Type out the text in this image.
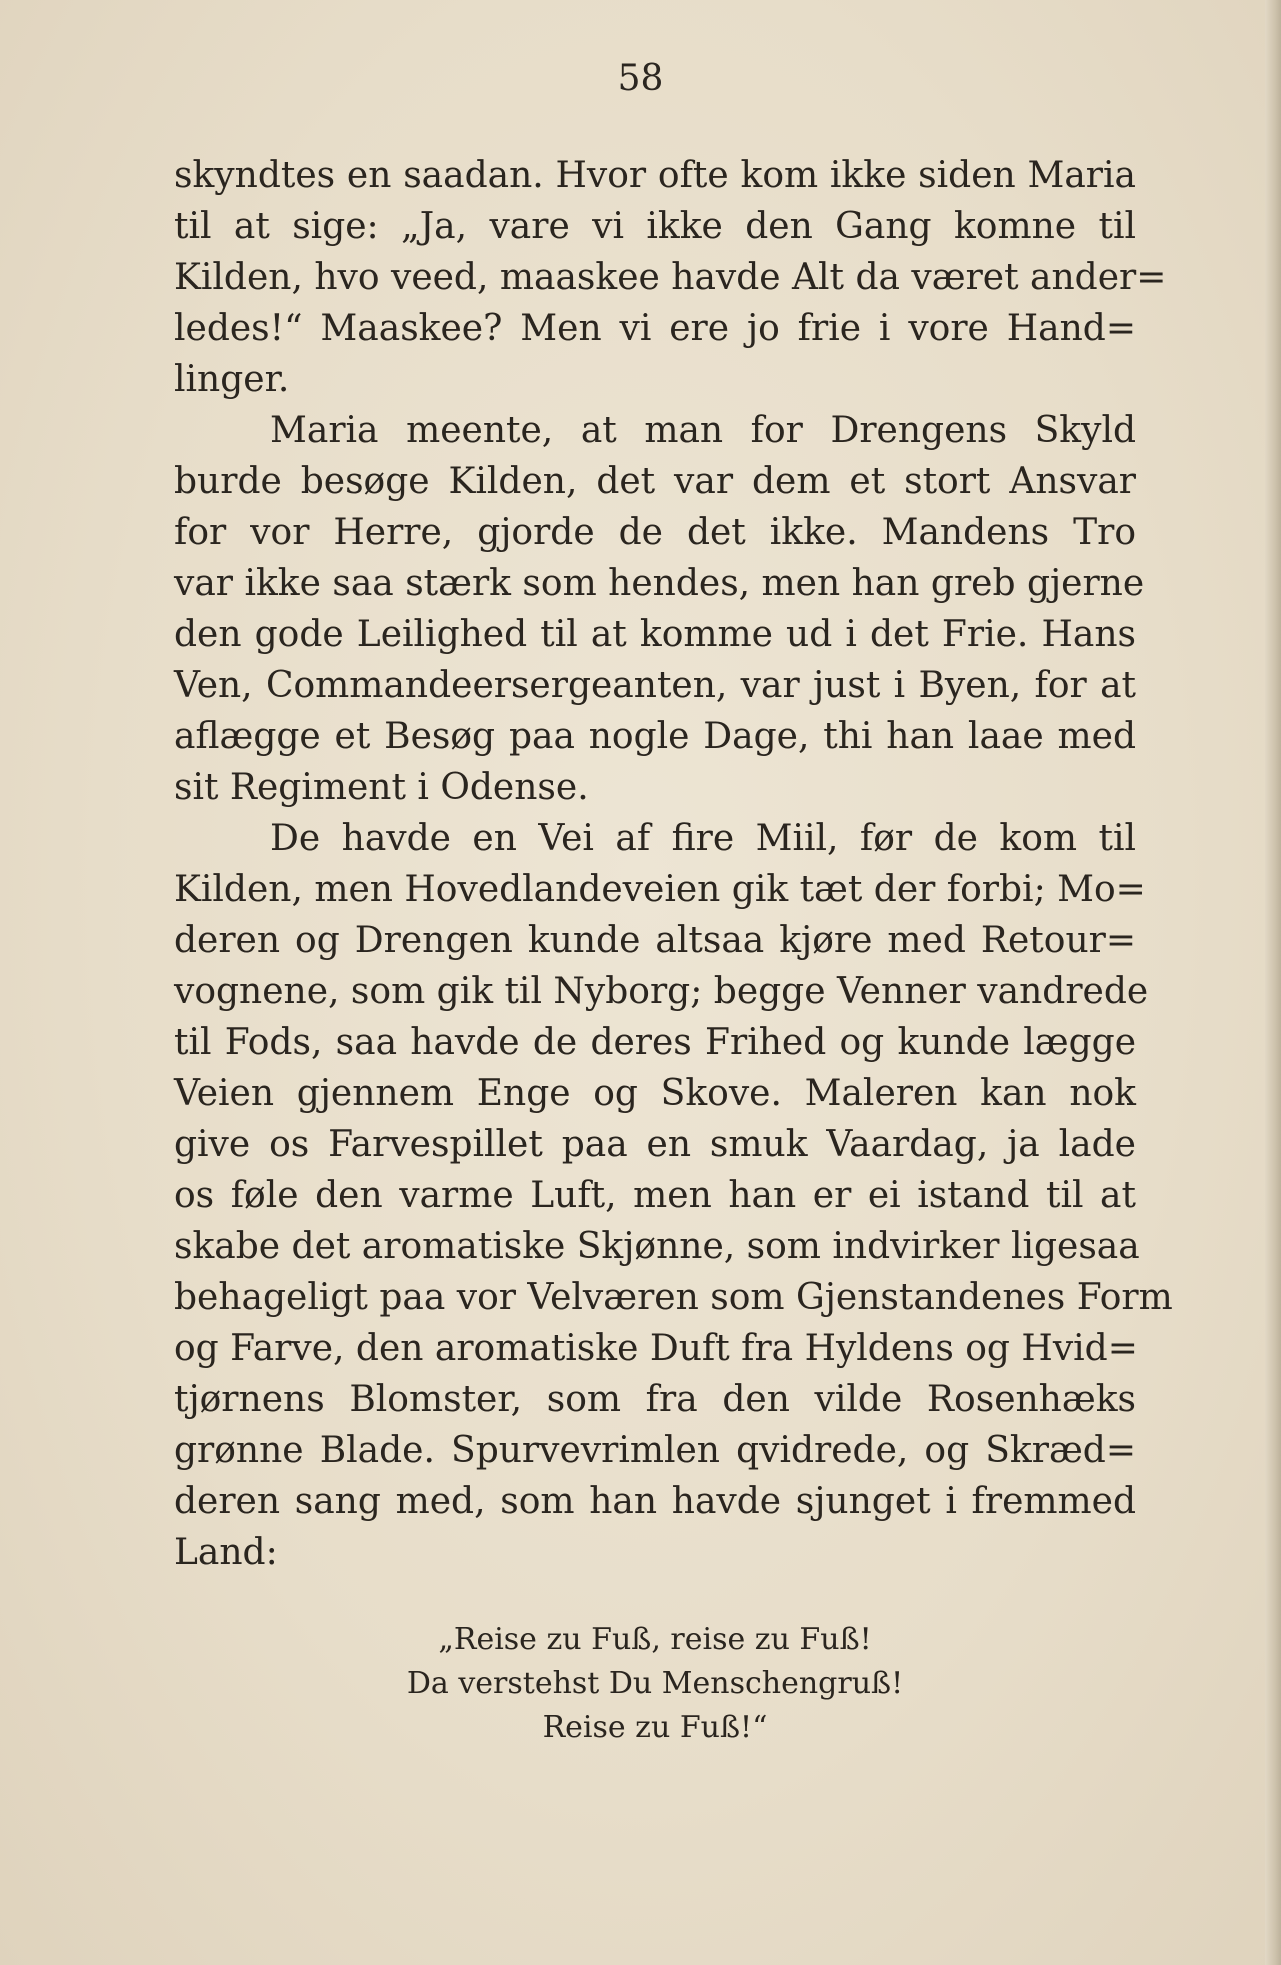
58
skyndtes en saadan. Hvor ofte kom ikke siden Maria
til at sige: „Ja, vare vi ikke den Gang komne til
Kilden, hvo veed, maaskee havde Alt da været ander=
ledes!“ Maaskee? Men vi ere jo frie i vore Hand=
linger.
Maria meente, at man for Drengens Skyld
burde besøge Kilden, det var dem et stort Ansvar
for vor Herre, gjorde de det ikke. Mandens Tro
var ikke saa stærk som hendes, men han greb gjerne
den gode Leilighed til at komme ud i det Frie. Hans
Ven, Commandeersergeanten, var just i Byen, for at
aflægge et Besøg paa nogle Dage, thi han laae med
sit Regiment i Odense.
De havde en Vei af fire Miil, før de kom til
Kilden, men Hovedlandeveien gik tæt der forbi; Mo=
deren og Drengen kunde altsaa kjøre med Retour=
vognene, som gik til Nyborg; begge Venner vandrede
til Fods, saa havde de deres Frihed og kunde lægge
Veien gjennem Enge og Skove. Maleren kan nok
give os Farvespillet paa en smuk Vaardag, ja lade
os føle den varme Luft, men han er ei istand til at
skabe det aromatiske Skjønne, som indvirker ligesaa
behageligt paa vor Velværen som Gjenstandenes Form
og Farve, den aromatiske Duft fra Hyldens og Hvid=
tjørnens Blomster, som fra den vilde Rosenhæks
grønne Blade. Spurvevrimlen qvidrede, og Skræd=
deren sang med, som han havde sjunget i fremmed
Land:
„Reise zu Fuß, reise zu Fuß!
Da verstehst Du Menschengruß!
Reise zu Fuß!“
